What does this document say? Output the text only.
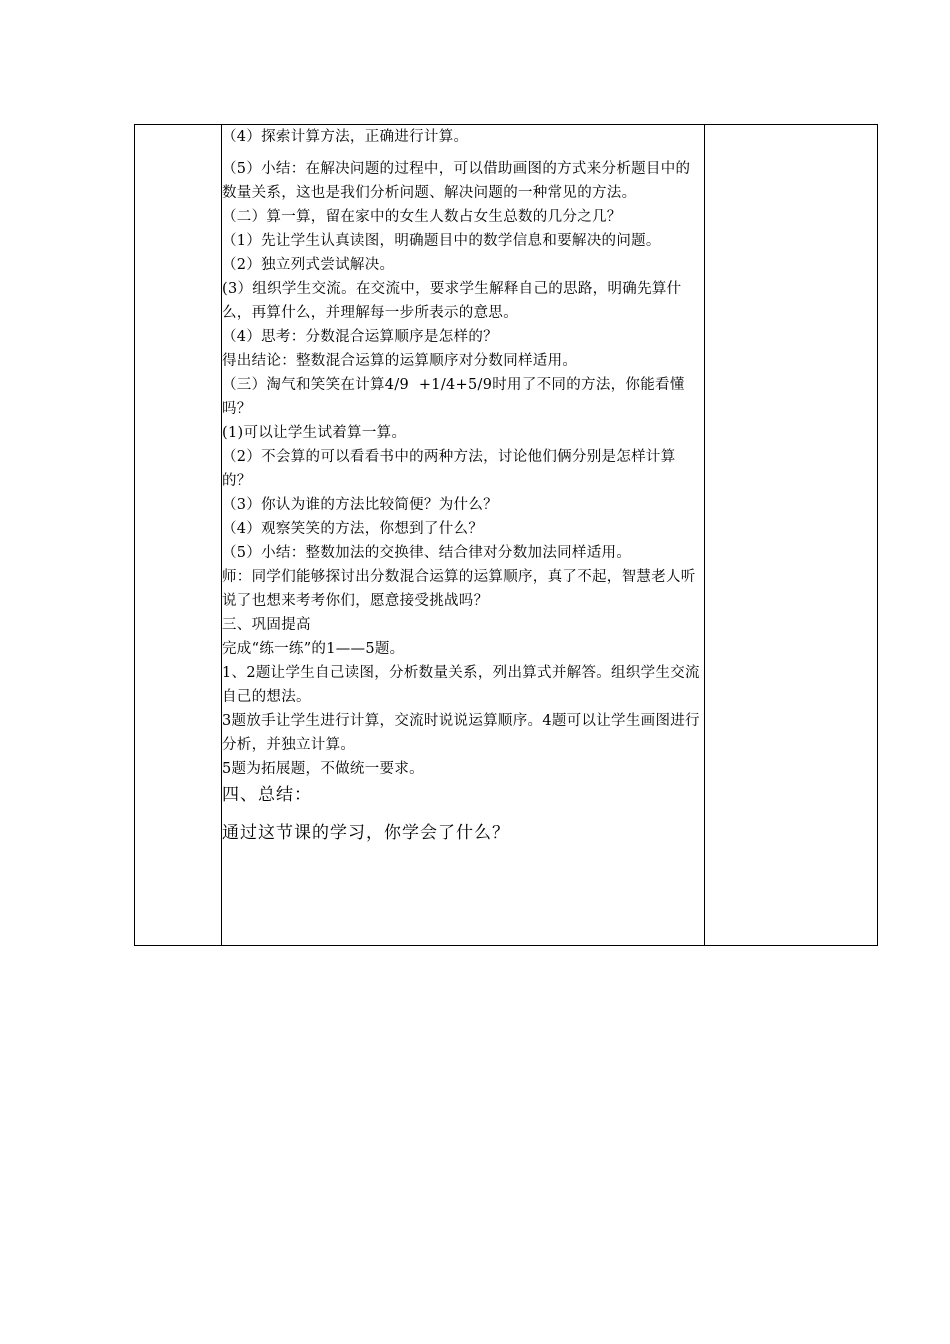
（4）探索计算方法，正确进行计算。

（5）小结：在解决问题的过程中，可以借助画图的方式来分析题目中的数量关系，这也是我们分析问题、解决问题的一种常见的方法。

（二）算一算，留在家中的女生人数占女生总数的几分之几？

（1）先让学生认真读图，明确题目中的数学信息和要解决的问题。

（2）独立列式尝试解决。

(3）组织学生交流。在交流中，要求学生解释自己的思路，明确先算什么，再算什么，并理解每一步所表示的意思。

（4）思考：分数混合运算顺序是怎样的？

得出结论：整数混合运算的运算顺序对分数同样适用。

（三）淘气和笑笑在计算4/9  +1/4+5/9时用了不同的方法，你能看懂吗？

(1)可以让学生试着算一算。

（2）不会算的可以看看书中的两种方法，讨论他们俩分别是怎样计算的？

（3）你认为谁的方法比较简便？为什么？

（4）观察笑笑的方法，你想到了什么？

（5）小结：整数加法的交换律、结合律对分数加法同样适用。

师：同学们能够探讨出分数混合运算的运算顺序，真了不起，智慧老人听说了也想来考考你们，愿意接受挑战吗？

三、巩固提高

完成“练一练”的1——5题。

1、2题让学生自己读图，分析数量关系，列出算式并解答。组织学生交流自己的想法。

3题放手让学生进行计算，交流时说说运算顺序。4题可以让学生画图进行分析，并独立计算。

5题为拓展题，不做统一要求。

四、总结：

通过这节课的学习，你学会了什么？
